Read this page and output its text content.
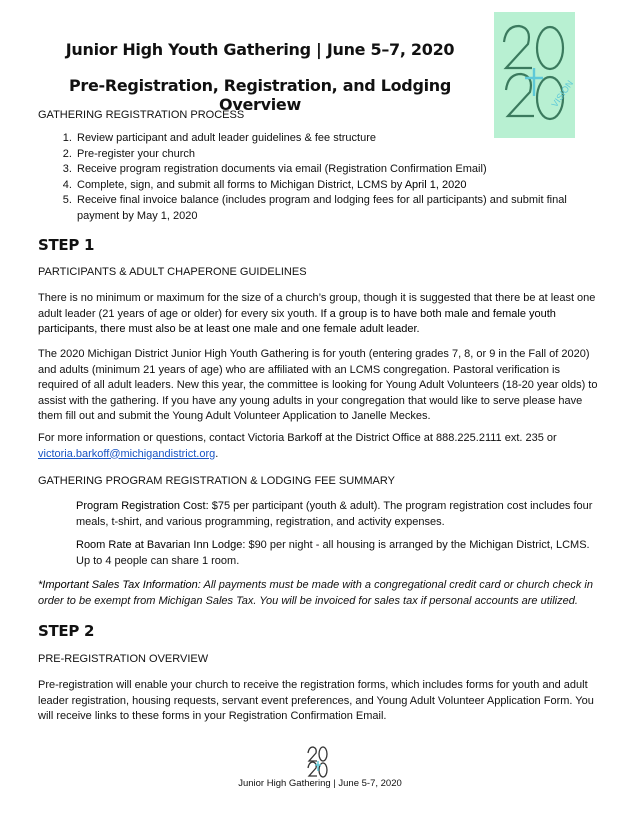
VISION
Junior High Youth Gathering | June 5–7, 2020
Pre-Registration, Registration, and Lodging Overview
GATHERING REGISTRATION PROCESS
1. Review participant and adult leader guidelines & fee structure
2. Pre-register your church
3. Receive program registration documents via email (Registration Confirmation Email)
4. Complete, sign, and submit all forms to Michigan District, LCMS by April 1, 2020
5. Receive final invoice balance (includes program and lodging fees for all participants) and submit final payment by May 1, 2020
STEP 1
PARTICIPANTS & ADULT CHAPERONE GUIDELINES
There is no minimum or maximum for the size of a church’s group, though it is suggested that there be at least one adult leader (21 years of age or older) for every six youth. If a group is to have both male and female youth participants, there must also be at least one male and one female adult leader.
The 2020 Michigan District Junior High Youth Gathering is for youth (entering grades 7, 8, or 9 in the Fall of 2020) and adults (minimum 21 years of age) who are affiliated with an LCMS congregation. Pastoral verification is required of all adult leaders. New this year, the committee is looking for Young Adult Volunteers (18-20 year olds) to assist with the gathering. If you have any young adults in your congregation that would like to serve please have them fill out and submit the Young Adult Volunteer Application to Janelle Meckes.
For more information or questions, contact Victoria Barkoff at the District Office at 888.225.2111 ext. 235 or victoria.barkoff@michigandistrict.org.
GATHERING PROGRAM REGISTRATION & LODGING FEE SUMMARY
Program Registration Cost: $75 per participant (youth & adult). The program registration cost includes four meals, t-shirt, and various programming, registration, and activity expenses.
Room Rate at Bavarian Inn Lodge: $90 per night - all housing is arranged by the Michigan District, LCMS. Up to 4 people can share 1 room.
*Important Sales Tax Information: All payments must be made with a congregational credit card or church check in order to be exempt from Michigan Sales Tax. You will be invoiced for sales tax if personal accounts are utilized.
STEP 2
PRE-REGISTRATION OVERVIEW
Pre-registration will enable your church to receive the registration forms, which includes forms for youth and adult leader registration, housing requests, servant event preferences, and Young Adult Volunteer Application Form. You will receive links to these forms in your Registration Confirmation Email.
Junior High Gathering | June 5-7, 2020
